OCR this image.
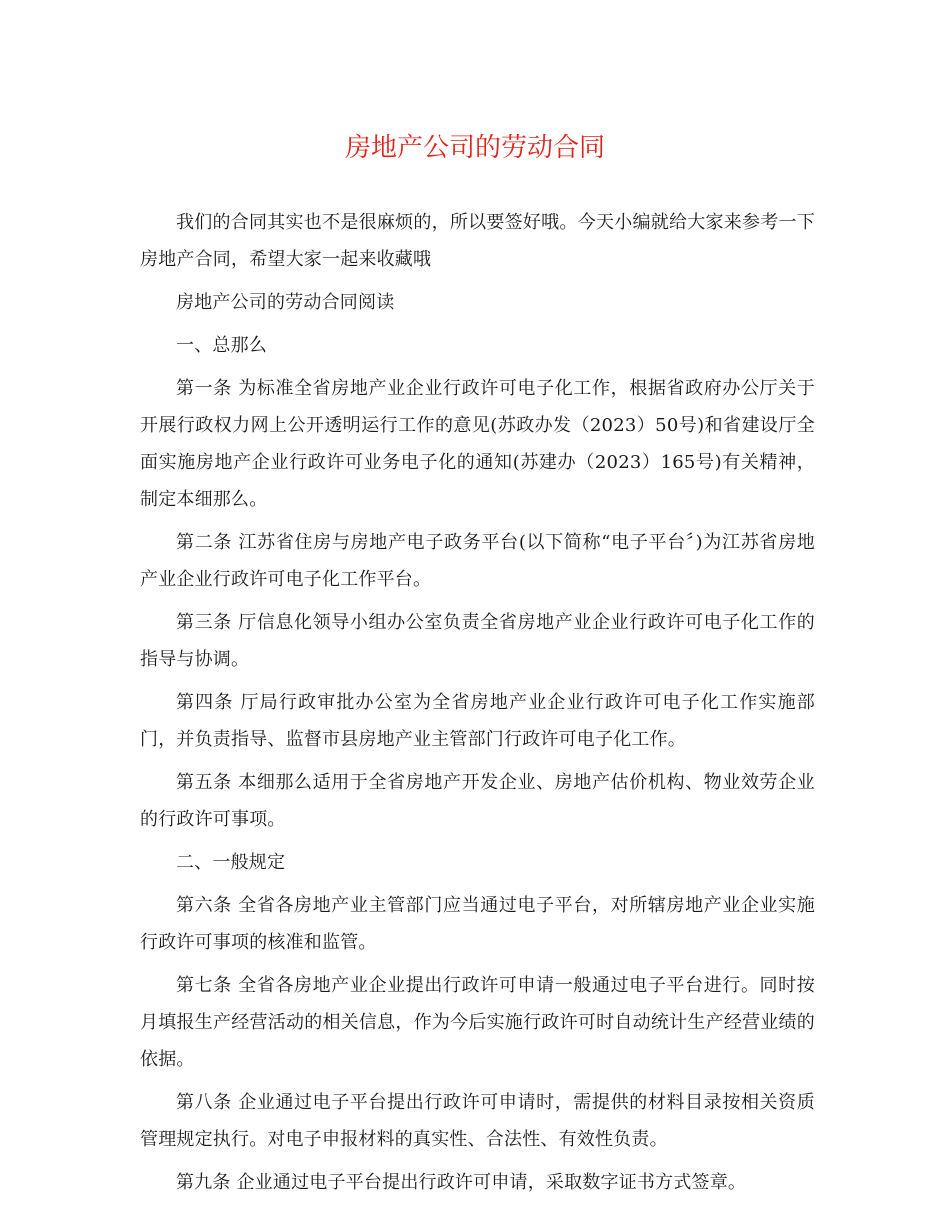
房地产公司的劳动合同

我们的合同其实也不是很麻烦的，所以要签好哦。今天小编就给大家来参考一下房地产合同，希望大家一起来收藏哦

房地产公司的劳动合同阅读

一、总那么

第一条 为标准全省房地产业企业行政许可电子化工作，根据省政府办公厅关于开展行政权力网上公开透明运行工作的意见(苏政办发（2023）50号)和省建设厅全面实施房地产企业行政许可业务电子化的通知(苏建办（2023）165号)有关精神，制定本细那么。

第二条 江苏省住房与房地产电子政务平台(以下简称“电子平台〞)为江苏省房地产业企业行政许可电子化工作平台。

第三条 厅信息化领导小组办公室负责全省房地产业企业行政许可电子化工作的指导与协调。

第四条 厅局行政审批办公室为全省房地产业企业行政许可电子化工作实施部门，并负责指导、监督市县房地产业主管部门行政许可电子化工作。

第五条 本细那么适用于全省房地产开发企业、房地产估价机构、物业效劳企业的行政许可事项。

二、一般规定

第六条 全省各房地产业主管部门应当通过电子平台，对所辖房地产业企业实施行政许可事项的核准和监管。

第七条 全省各房地产业企业提出行政许可申请一般通过电子平台进行。同时按月填报生产经营活动的相关信息，作为今后实施行政许可时自动统计生产经营业绩的依据。

第八条 企业通过电子平台提出行政许可申请时，需提供的材料目录按相关资质管理规定执行。对电子申报材料的真实性、合法性、有效性负责。

第九条 企业通过电子平台提出行政许可申请，采取数字证书方式签章。
